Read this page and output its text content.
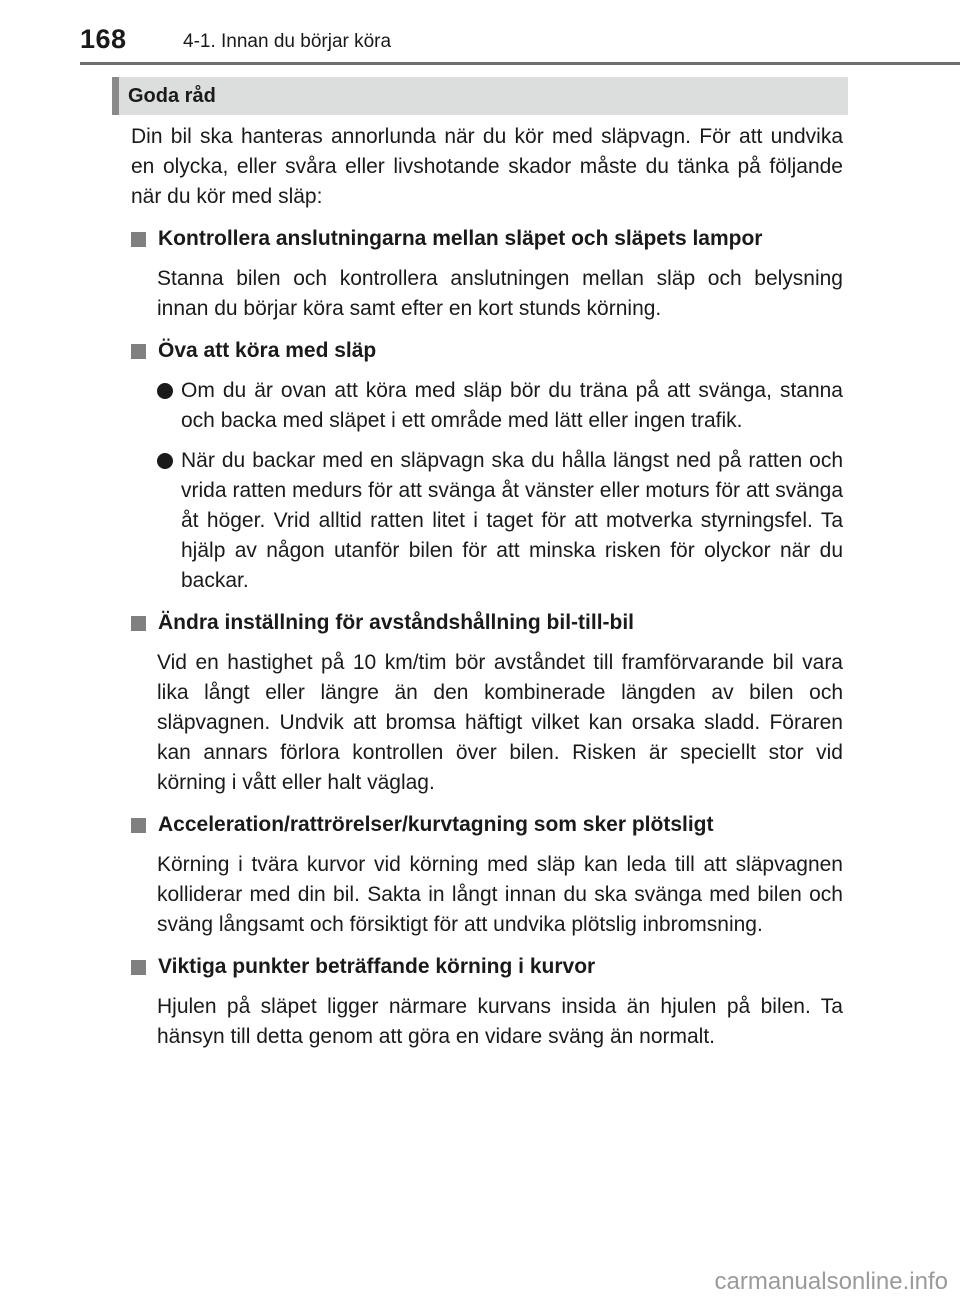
168	4-1. Innan du börjar köra
Goda råd

Din bil ska hanteras annorlunda när du kör med släpvagn. För att undvika en olycka, eller svåra eller livshotande skador måste du tänka på följande när du kör med släp:

Kontrollera anslutningarna mellan släpet och släpets lampor

Stanna bilen och kontrollera anslutningen mellan släp och belysning innan du börjar köra samt efter en kort stunds körning.

Öva att köra med släp

Om du är ovan att köra med släp bör du träna på att svänga, stanna och backa med släpet i ett område med lätt eller ingen trafik.

När du backar med en släpvagn ska du hålla längst ned på ratten och vrida ratten medurs för att svänga åt vänster eller moturs för att svänga åt höger. Vrid alltid ratten litet i taget för att motverka styrningsfel. Ta hjälp av någon utanför bilen för att minska risken för olyckor när du backar.

Ändra inställning för avståndshållning bil-till-bil

Vid en hastighet på 10 km/tim bör avståndet till framförvarande bil vara lika långt eller längre än den kombinerade längden av bilen och släpvagnen. Undvik att bromsa häftigt vilket kan orsaka sladd. Föraren kan annars förlora kontrollen över bilen. Risken är speciellt stor vid körning i vått eller halt väglag.

Acceleration/rattrörelser/kurvtagning som sker plötsligt

Körning i tvära kurvor vid körning med släp kan leda till att släpvagnen kolliderar med din bil. Sakta in långt innan du ska svänga med bilen och sväng långsamt och försiktigt för att undvika plötslig inbromsning.

Viktiga punkter beträffande körning i kurvor

Hjulen på släpet ligger närmare kurvans insida än hjulen på bilen. Ta hänsyn till detta genom att göra en vidare sväng än normalt.

carmanualsonline.info
